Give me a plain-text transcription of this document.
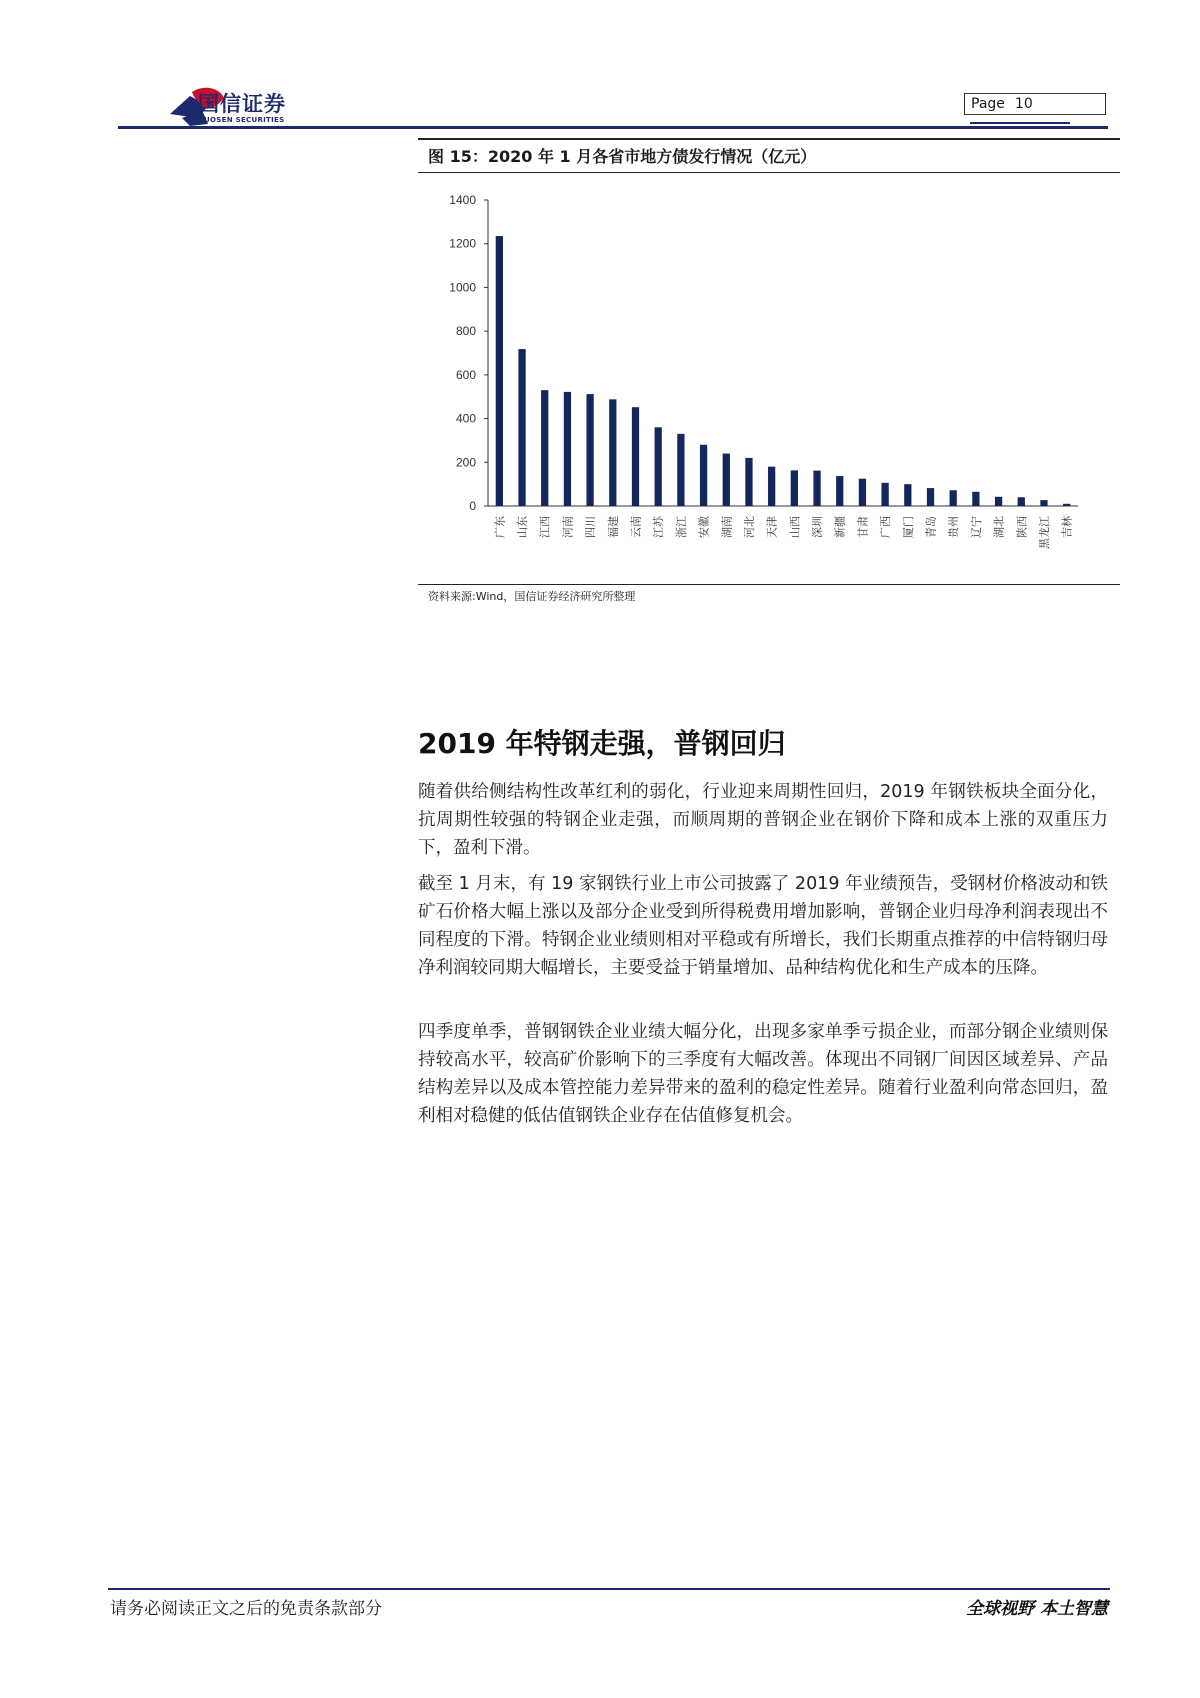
国信证券
GUOSEN SECURITIES
Page 10
图 15：2020 年 1 月各省市地方债发行情况（亿元）
0
200
400
600
800
1000
1200
1400
广东 山东 江西 河南 四川 福建 云南 江苏 浙江 安徽 湖南 河北 天津 山西 深圳 新疆 甘肃 广西 厦门 青岛 贵州 辽宁 湖北 陕西 黑龙江 吉林
资料来源:Wind，国信证券经济研究所整理
2019 年特钢走强，普钢回归

随着供给侧结构性改革红利的弱化，行业迎来周期性回归，2019 年钢铁板块全面分化，抗周期性较强的特钢企业走强，而顺周期的普钢企业在钢价下降和成本上涨的双重压力下，盈利下滑。

截至 1 月末，有 19 家钢铁行业上市公司披露了 2019 年业绩预告，受钢材价格波动和铁矿石价格大幅上涨以及部分企业受到所得税费用增加影响，普钢企业归母净利润表现出不同程度的下滑。特钢企业业绩则相对平稳或有所增长，我们长期重点推荐的中信特钢归母净利润较同期大幅增长，主要受益于销量增加、品种结构优化和生产成本的压降。

四季度单季，普钢钢铁企业业绩大幅分化，出现多家单季亏损企业，而部分钢企业绩则保持较高水平，较高矿价影响下的三季度有大幅改善。体现出不同钢厂间因区域差异、产品结构差异以及成本管控能力差异带来的盈利的稳定性差异。随着行业盈利向常态回归，盈利相对稳健的低估值钢铁企业存在估值修复机会。

请务必阅读正文之后的免责条款部分	全球视野 本土智慧
